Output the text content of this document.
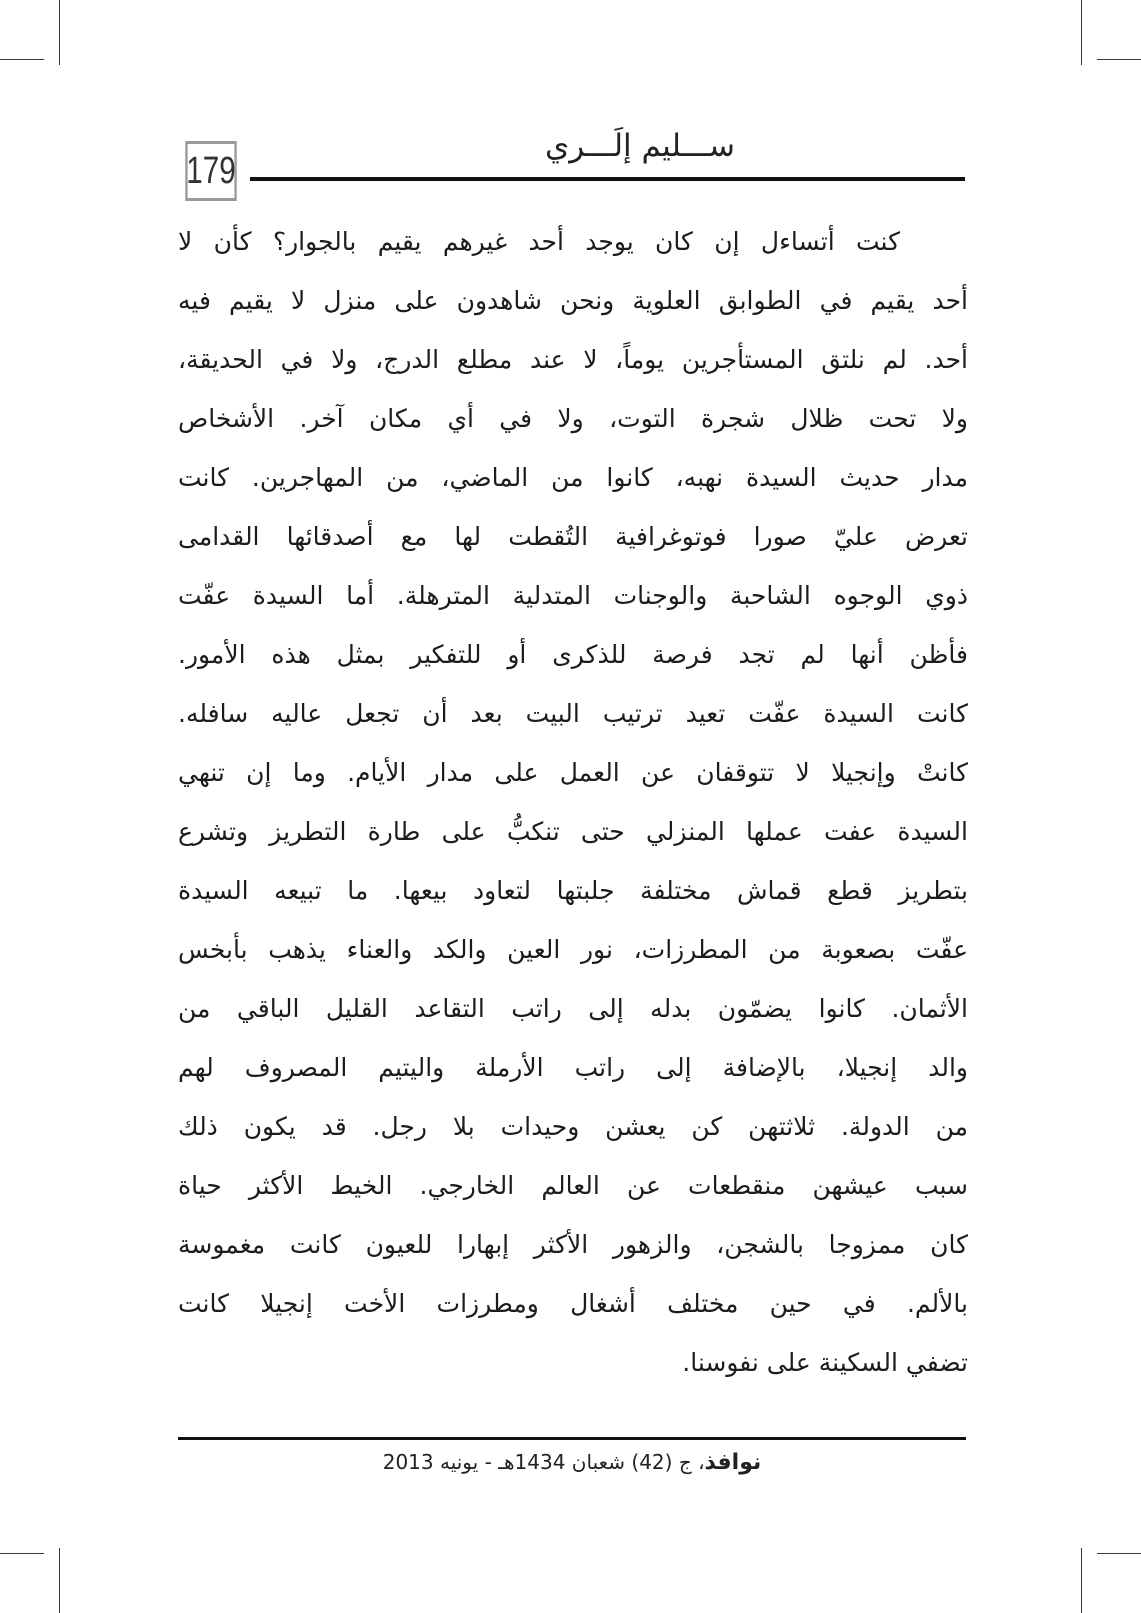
179
ســـليم إلَـــري
كنت أتساءل إن كان يوجد أحد غيرهم يقيم بالجوار؟ كأن لا
أحد يقيم في الطوابق العلوية ونحن شاهدون على منزل لا يقيم فيه
أحد. لم نلتق المستأجرين يوماً، لا عند مطلع الدرج، ولا في الحديقة،
ولا تحت ظلال شجرة التوت، ولا في أي مكان آخر. الأشخاص
مدار حديث السيدة نهبه، كانوا من الماضي، من المهاجرين. كانت
تعرض عليّ صورا فوتوغرافية التُقطت لها مع أصدقائها القدامى
ذوي الوجوه الشاحبة والوجنات المتدلية المترهلة. أما السيدة عفّت
فأظن أنها لم تجد فرصة للذكرى أو للتفكير بمثل هذه الأمور.
كانت السيدة عفّت تعيد ترتيب البيت بعد أن تجعل عاليه سافله.
كانتْ وإنجيلا لا تتوقفان عن العمل على مدار الأيام. وما إن تنهي
السيدة عفت عملها المنزلي حتى تنكبُّ على طارة التطريز وتشرع
بتطريز قطع قماش مختلفة جلبتها لتعاود بيعها. ما تبيعه السيدة
عفّت بصعوبة من المطرزات، نور العين والكد والعناء يذهب بأبخس
الأثمان. كانوا يضمّون بدله إلى راتب التقاعد القليل الباقي من
والد إنجيلا، بالإضافة إلى راتب الأرملة واليتيم المصروف لهم
من الدولة. ثلاثتهن كن يعشن وحيدات بلا رجل. قد يكون ذلك
سبب عيشهن منقطعات عن العالم الخارجي. الخيط الأكثر حياة
كان ممزوجا بالشجن، والزهور الأكثر إبهارا للعيون كانت مغموسة
بالألم. في حين مختلف أشغال ومطرزات الأخت إنجيلا كانت
تضفي السكينة على نفوسنا.
نوافذ، ج (42) شعبان 1434هـ - يونيه 2013
